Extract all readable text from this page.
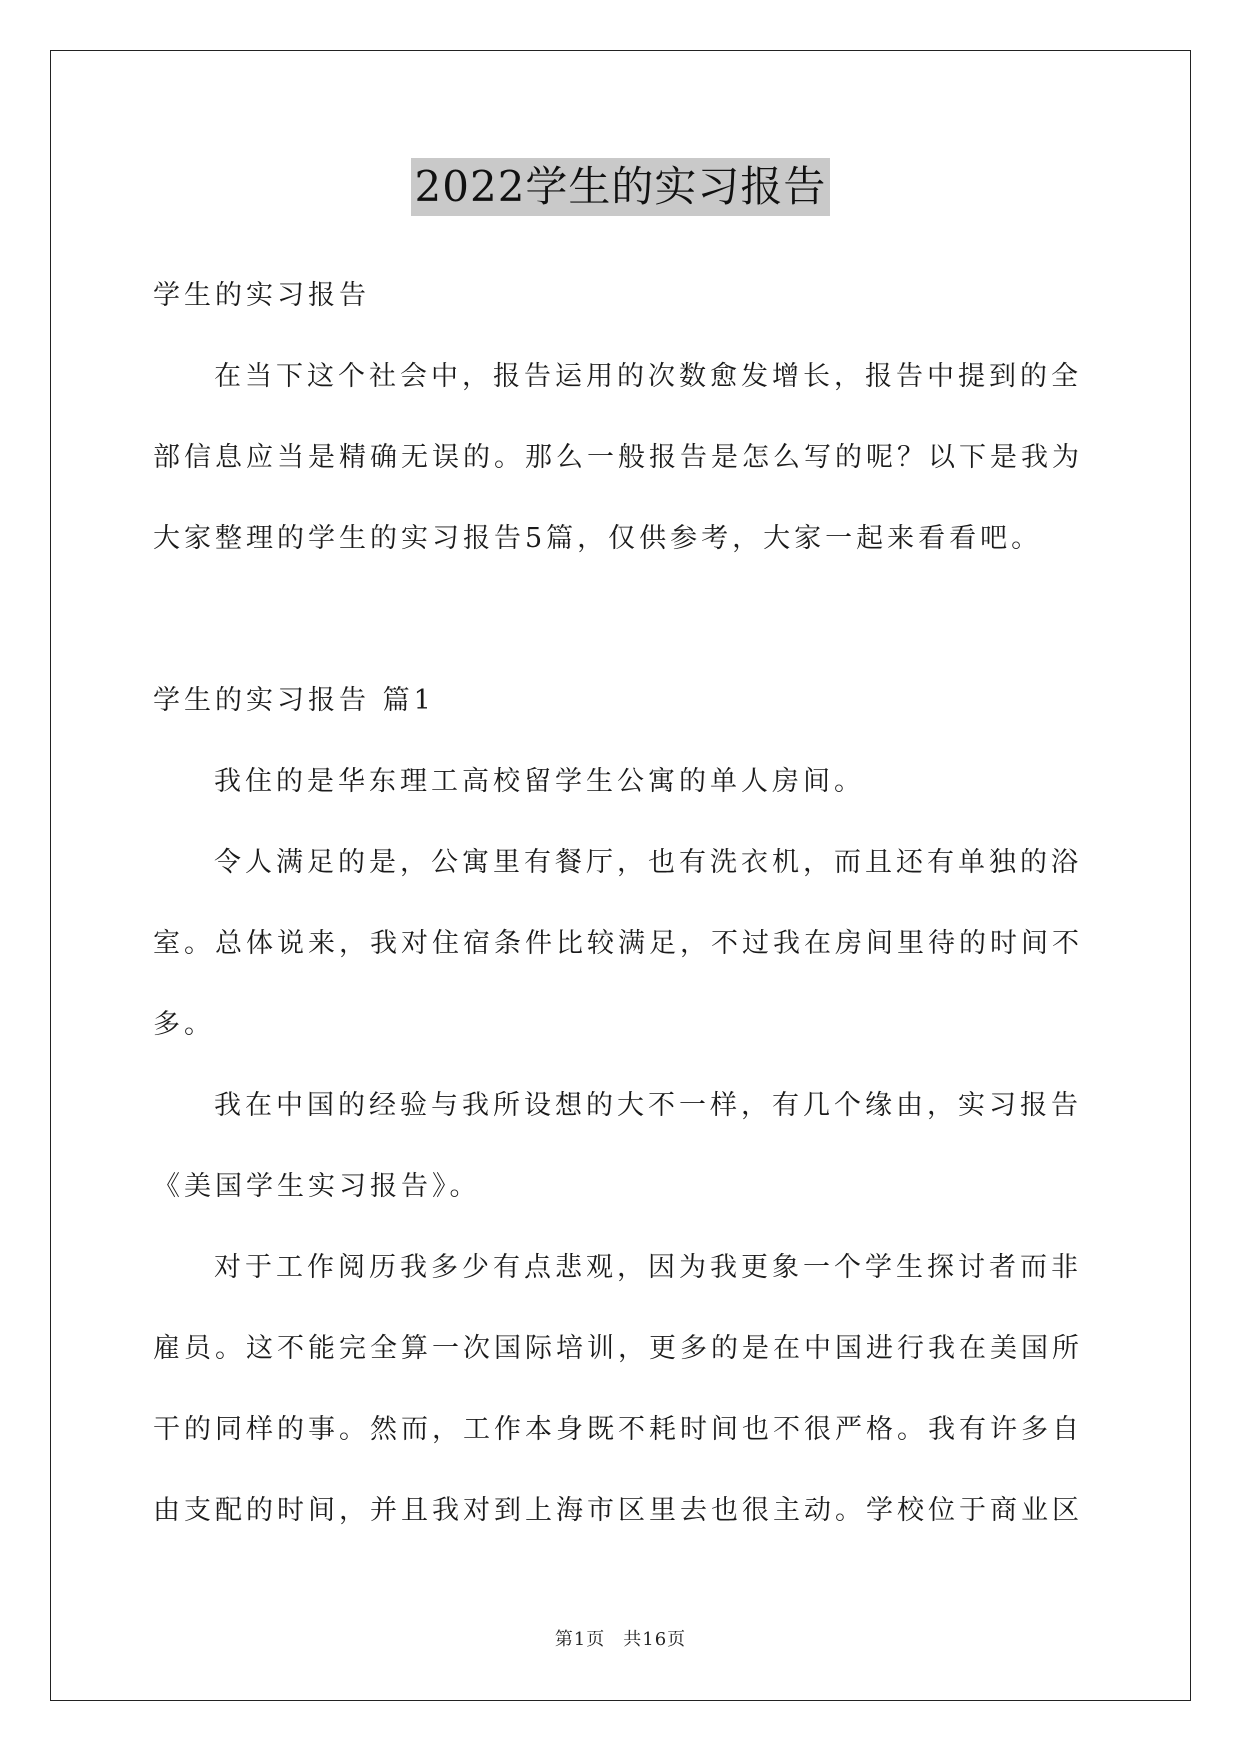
2022学生的实习报告
学生的实习报告
在当下这个社会中，报告运用的次数愈发增长，报告中提到的全
部信息应当是精确无误的。那么一般报告是怎么写的呢？以下是我为
大家整理的学生的实习报告5篇，仅供参考，大家一起来看看吧。
学生的实习报告 篇1
我住的是华东理工高校留学生公寓的单人房间。
令人满足的是，公寓里有餐厅，也有洗衣机，而且还有单独的浴
室。总体说来，我对住宿条件比较满足，不过我在房间里待的时间不
多。
我在中国的经验与我所设想的大不一样，有几个缘由，实习报告
《美国学生实习报告》。
对于工作阅历我多少有点悲观，因为我更象一个学生探讨者而非
雇员。这不能完全算一次国际培训，更多的是在中国进行我在美国所
干的同样的事。然而，工作本身既不耗时间也不很严格。我有许多自
由支配的时间，并且我对到上海市区里去也很主动。学校位于商业区
第1页 共16页
